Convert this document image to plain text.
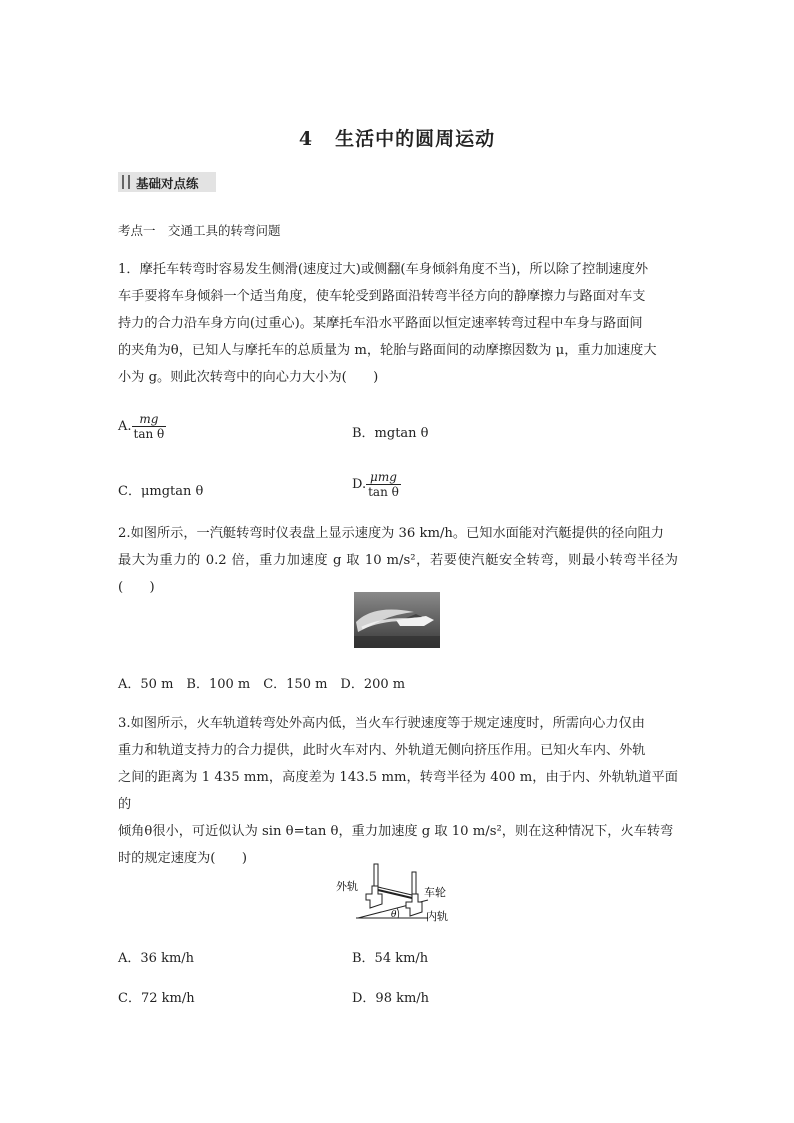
4 生活中的圆周运动
基础对点练
考点一　交通工具的转弯问题
1．摩托车转弯时容易发生侧滑(速度过大)或侧翻(车身倾斜角度不当)，所以除了控制速度外
车手要将车身倾斜一个适当角度，使车轮受到路面沿转弯半径方向的静摩擦力与路面对车支
持力的合力沿车身方向(过重心)。某摩托车沿水平路面以恒定速率转弯过程中车身与路面间
的夹角为θ，已知人与摩托车的总质量为 m，轮胎与路面间的动摩擦因数为 μ，重力加速度大
小为 g。则此次转弯中的向心力大小为(　　)
A. $\frac{mg}{\text{tan θ}}$	B．mgtan θ
C．μmgtan θ	D. $\frac{\text{μmg}}{\text{tan θ}}$
2.如图所示，一汽艇转弯时仪表盘上显示速度为 36 km/h。已知水面能对汽艇提供的径向阻力
最大为重力的 0.2 倍，重力加速度 g 取 10 m/s²，若要使汽艇安全转弯，则最小转弯半径为(　　)
A．50 m　B．100 m　C．150 m　D．200 m
3.如图所示，火车轨道转弯处外高内低，当火车行驶速度等于规定速度时，所需向心力仅由
重力和轨道支持力的合力提供，此时火车对内、外轨道无侧向挤压作用。已知火车内、外轨
之间的距离为 1 435 mm，高度差为 143.5 mm，转弯半径为 400 m，由于内、外轨轨道平面的
倾角θ很小，可近似认为 sin θ=tan θ，重力加速度 g 取 10 m/s²，则在这种情况下，火车转弯
时的规定速度为(　　)
外轨	车轮
内轨
θ
A．36 km/h	B．54 km/h
C．72 km/h	D．98 km/h
